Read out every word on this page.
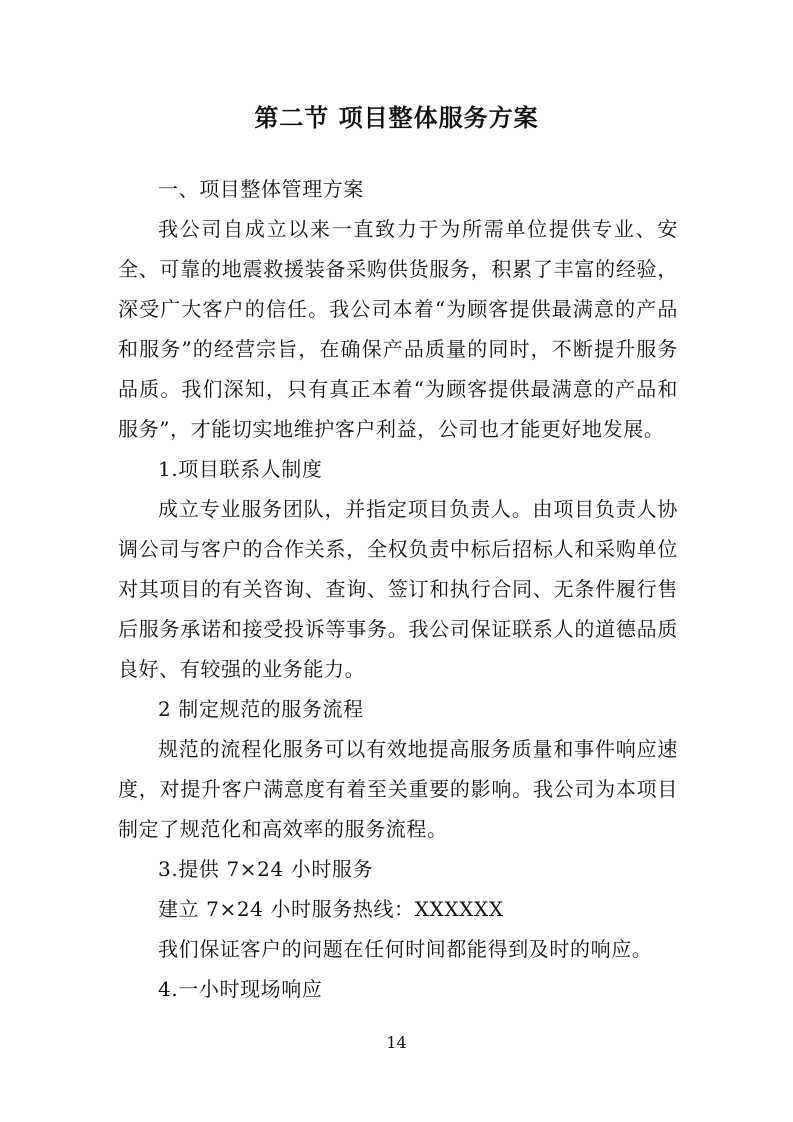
第二节 项目整体服务方案

一、项目整体管理方案

我公司自成立以来一直致力于为所需单位提供专业、安全、可靠的地震救援装备采购供货服务，积累了丰富的经验，深受广大客户的信任。我公司本着“为顾客提供最满意的产品和服务”的经营宗旨，在确保产品质量的同时，不断提升服务品质。我们深知，只有真正本着“为顾客提供最满意的产品和服务”，才能切实地维护客户利益，公司也才能更好地发展。

1.项目联系人制度

成立专业服务团队，并指定项目负责人。由项目负责人协调公司与客户的合作关系，全权负责中标后招标人和采购单位对其项目的有关咨询、查询、签订和执行合同、无条件履行售后服务承诺和接受投诉等事务。我公司保证联系人的道德品质良好、有较强的业务能力。

2 制定规范的服务流程

规范的流程化服务可以有效地提高服务质量和事件响应速度，对提升客户满意度有着至关重要的影响。我公司为本项目制定了规范化和高效率的服务流程。

3.提供 7×24 小时服务

建立 7×24 小时服务热线：XXXXXX

我们保证客户的问题在任何时间都能得到及时的响应。

4.一小时现场响应

14
